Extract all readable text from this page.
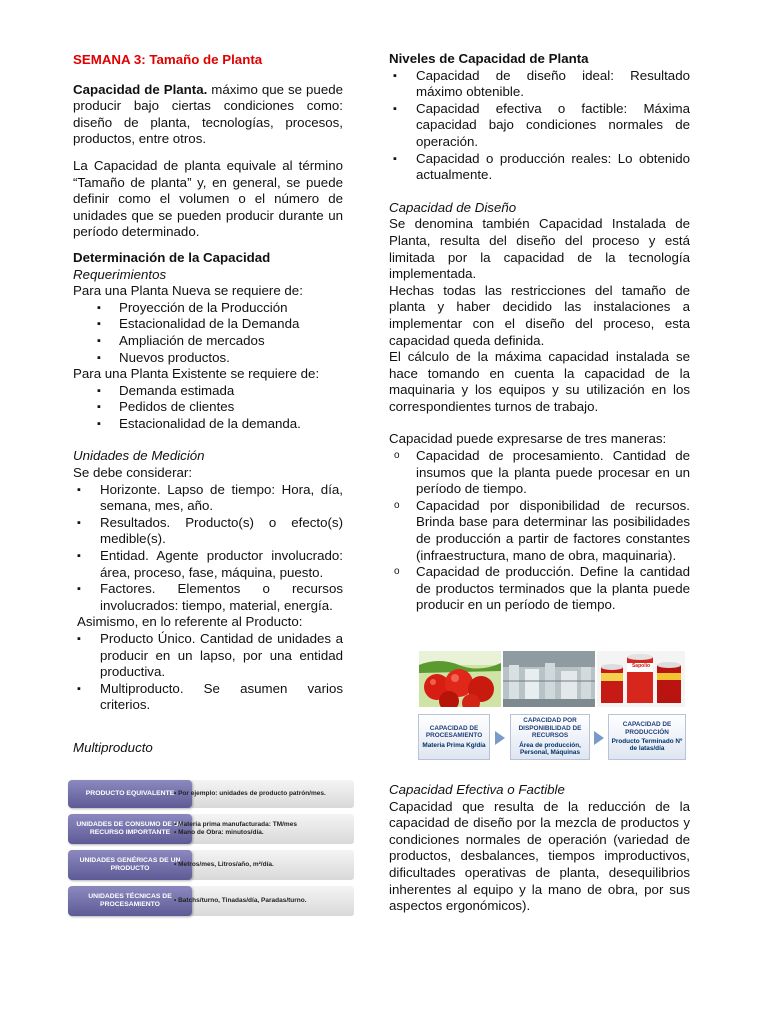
SEMANA 3: Tamaño de Planta

Capacidad de Planta. máximo que se puede producir bajo ciertas condiciones como: diseño de planta, tecnologías, procesos, productos, entre otros.

La Capacidad de planta equivale al término “Tamaño de planta” y, en general, se puede definir como el volumen o el número de unidades que se pueden producir durante un período determinado.

Determinación de la Capacidad

Requerimientos

Para una Planta Nueva se requiere de:

▪ Proyección de la Producción
▪ Estacionalidad de la Demanda
▪ Ampliación de mercados
▪ Nuevos productos.

Para una Planta Existente se requiere de:

▪ Demanda estimada
▪ Pedidos de clientes
▪ Estacionalidad de la demanda.

Unidades de Medición

Se debe considerar:

▪ Horizonte. Lapso de tiempo: Hora, día, semana, mes, año.
▪ Resultados. Producto(s) o efecto(s) medible(s).
▪ Entidad. Agente productor involucrado: área, proceso, fase, máquina, puesto.
▪ Factores. Elementos o recursos involucrados: tiempo, material, energía.

Asimismo, en lo referente al Producto:

▪ Producto Único. Cantidad de unidades a producir en un lapso, por una entidad productiva.
▪ Multiproducto. Se asumen varios criterios.

Multiproducto

PRODUCTO EQUIVALENTE
• Por ejemplo: unidades de producto patrón/mes.
UNIDADES DE CONSUMO DE UN RECURSO IMPORTANTE
• Materia prima manufacturada: TM/mes
• Mano de Obra: minutos/día.
UNIDADES GENÉRICAS DE UN PRODUCTO
• Metros/mes, Litros/año, m²/día.
UNIDADES TÉCNICAS DE PROCESAMIENTO
• Batchs/turno, Tinadas/día, Paradas/turno.

Niveles de Capacidad de Planta

▪ Capacidad de diseño ideal: Resultado máximo obtenible.
▪ Capacidad efectiva o factible: Máxima capacidad bajo condiciones normales de operación.
▪ Capacidad o producción reales: Lo obtenido actualmente.

Capacidad de Diseño

Se denomina también Capacidad Instalada de Planta, resulta del diseño del proceso y está limitada por la capacidad de la tecnología implementada.

Hechas todas las restricciones del tamaño de planta y haber decidido las instalaciones a implementar con el diseño del proceso, esta capacidad queda definida.

El cálculo de la máxima capacidad instalada se hace tomando en cuenta la capacidad de la maquinaria y los equipos y su utilización en los correspondientes turnos de trabajo.

Capacidad puede expresarse de tres maneras:

o Capacidad de procesamiento. Cantidad de insumos que la planta puede procesar en un período de tiempo.
o Capacidad por disponibilidad de recursos. Brinda base para determinar las posibilidades de producción a partir de factores constantes (infraestructura, mano de obra, maquinaria).
o Capacidad de producción. Define la cantidad de productos terminados que la planta puede producir en un período de tiempo.
Sapolio
CAPACIDAD DE PROCESAMIENTO
Materia Prima Kg/día
CAPACIDAD POR DISPONIBILIDAD DE RECURSOS
Área de producción, Personal, Máquinas
CAPACIDAD DE PRODUCCIÓN
Producto Terminado Nº de latas/día

Capacidad Efectiva o Factible

Capacidad que resulta de la reducción de la capacidad de diseño por la mezcla de productos y condiciones normales de operación (variedad de productos, desbalances, tiempos improductivos, dificultades operativas de planta, desequilibrios inherentes al equipo y la mano de obra, por sus aspectos ergonómicos).
